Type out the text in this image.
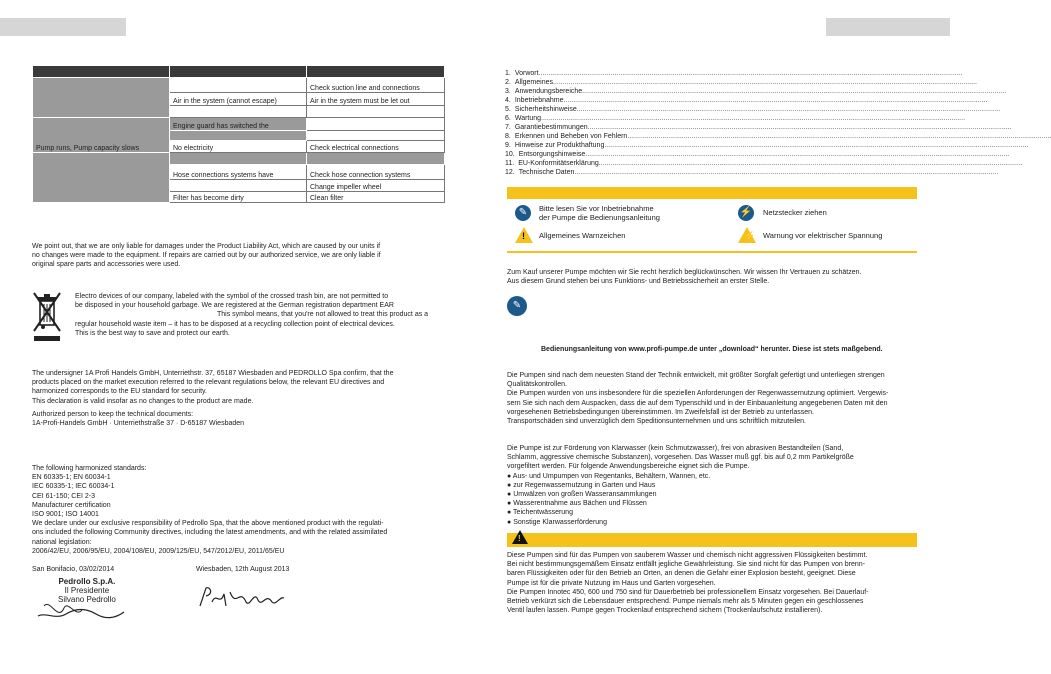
		Check suction line and connections
	Air in the system (cannot escape)	Air in the system must be let out

Pump runs, Pump capacity slows	Engine guard has switched the	

	No electricity	Check electrical connections

	Hose connections systems have	Check hose connection systems
		Change impeller wheel
	Filter has become dirty	Clean filter
We point out, that we are only liable for damages under the Product Liability Act, which are caused by our units if
no changes were made to the equipment. If repairs are carried out by our authorized service, we are only liable if
original spare parts and accessories were used.
Electro devices of our company, labeled with the symbol of the crossed trash bin, are not permitted to
be disposed in your household garbage. We are registered at the German registration department EAR
This symbol means, that you're not allowed to treat this product as a
regular household waste item – it has to be disposed at a recycling collection point of electrical devices.
This is the best way to save and protect our earth.
The undersigner 1A Profi Handels GmbH, Unterriethstr. 37, 65187 Wiesbaden and PEDROLLO Spa confirm, that the
products placed on the market execution referred to the relevant regulations below, the relevant EU directives and
harmonized corresponds to the EU standard for security.
This declaration is valid insofar as no changes to the product are made.
Authorized person to keep the technical documents:
1A-Profi-Handels GmbH · Unterriethstraße 37 · D-65187 Wiesbaden
The following harmonized standards:
EN 60335-1; EN 60034-1
IEC 60335-1; IEC 60034-1
CEI 61-150; CEI 2-3
Manufacturer certification
ISO 9001; ISO 14001
We declare under our exclusive responsibility of Pedrollo Spa, that the above mentioned product with the regulati-
ons included the following Community directives, including the latest amendments, and with the related assimilated
national legislation:
2006/42/EU, 2006/95/EU, 2004/108/EU, 2009/125/EU, 547/2012/EU, 2011/65/EU
San Bonifacio, 03/02/2014	Wiesbaden, 12th August 2013
Pedrollo S.p.A.
Il Presidente
Silvano Pedrollo
1. Vorwort ..........................................................................................................................................................................................................................
2. Allgemeines ..........................................................................................................................................................................................................................
3. Anwendungsbereiche ..........................................................................................................................................................................................................................
4. Inbetriebnahme ..........................................................................................................................................................................................................................
5. Sicherheitshinweise ..........................................................................................................................................................................................................................
6. Wartung ..........................................................................................................................................................................................................................
7. Garantiebestimmungen ..........................................................................................................................................................................................................................
8. Erkennen und Beheben von Fehlern ..........................................................................................................................................................................................................................
9. Hinweise zur Produkthaftung ..........................................................................................................................................................................................................................
10. Entsorgungshinweise ..........................................................................................................................................................................................................................
11. EU-Konformitätserklärung ..........................................................................................................................................................................................................................
12. Technische Daten ..........................................................................................................................................................................................................................
✎	Bitte lesen Sie vor Inbetriebnahme
der Pumpe die Bedienungsanleitung	⚡ Netzstecker ziehen
! Allgemeines Warnzeichen	⚡ Warnung vor elektrischer Spannung
Zum Kauf unserer Pumpe möchten wir Sie recht herzlich beglückwünschen. Wir wissen Ihr Vertrauen zu schätzen.
Aus diesem Grund stehen bei uns Funktions- und Betriebssicherheit an erster Stelle.
✎
Bedienungsanleitung von www.profi-pumpe.de unter „download“ herunter. Diese ist stets maßgebend.
Die Pumpen sind nach dem neuesten Stand der Technik entwickelt, mit größter Sorgfalt gefertigt und unterliegen strengen
Qualitätskontrollen.
Die Pumpen wurden von uns insbesondere für die speziellen Anforderungen der Regenwassernutzung optimiert. Vergewis-
sern Sie sich nach dem Auspacken, dass die auf dem Typenschild und in der Einbauanleitung angegebenen Daten mit den
vorgesehenen Betriebsbedingungen übereinstimmen. Im Zweifelsfall ist der Betrieb zu unterlassen.
Transportschäden sind unverzüglich dem Speditionsunternehmen und uns schriftlich mitzuteilen.
Die Pumpe ist zur Förderung von Klarwasser (kein Schmutzwasser), frei von abrasiven Bestandteilen (Sand,
Schlamm, aggressive chemische Substanzen), vorgesehen. Das Wasser muß ggf. bis auf 0,2 mm Partikelgröße
vorgefiltert werden. Für folgende Anwendungsbereiche eignet sich die Pumpe.
● Aus- und Umpumpen von Regentanks, Behältern, Wannen, etc.
● zur Regenwassernutzung in Garten und Haus
● Umwälzen von großen Wasseransammlungen
● Wasserentnahme aus Bächen und Flüssen
● Teichentwässerung
● Sonstige Klarwasserförderung
!
Diese Pumpen sind für das Pumpen von sauberem Wasser und chemisch nicht aggressiven Flüssigkeiten bestimmt.
Bei nicht bestimmungsgemäßem Einsatz entfällt jegliche Gewährleistung. Sie sind nicht für das Pumpen von brenn-
baren Flüssigkeiten oder für den Betrieb an Orten, an denen die Gefahr einer Explosion besteht, geeignet. Diese
Pumpe ist für die private Nutzung im Haus und Garten vorgesehen.
Die Pumpen Innotec 450, 600 und 750 sind für Dauerbetrieb bei professionellem Einsatz vorgesehen. Bei Dauerlauf-
Betrieb verkürzt sich die Lebensdauer entsprechend. Pumpe niemals mehr als 5 Minuten gegen ein geschlossenes
Ventil laufen lassen. Pumpe gegen Trockenlauf entsprechend sichern (Trockenlaufschutz installieren).
